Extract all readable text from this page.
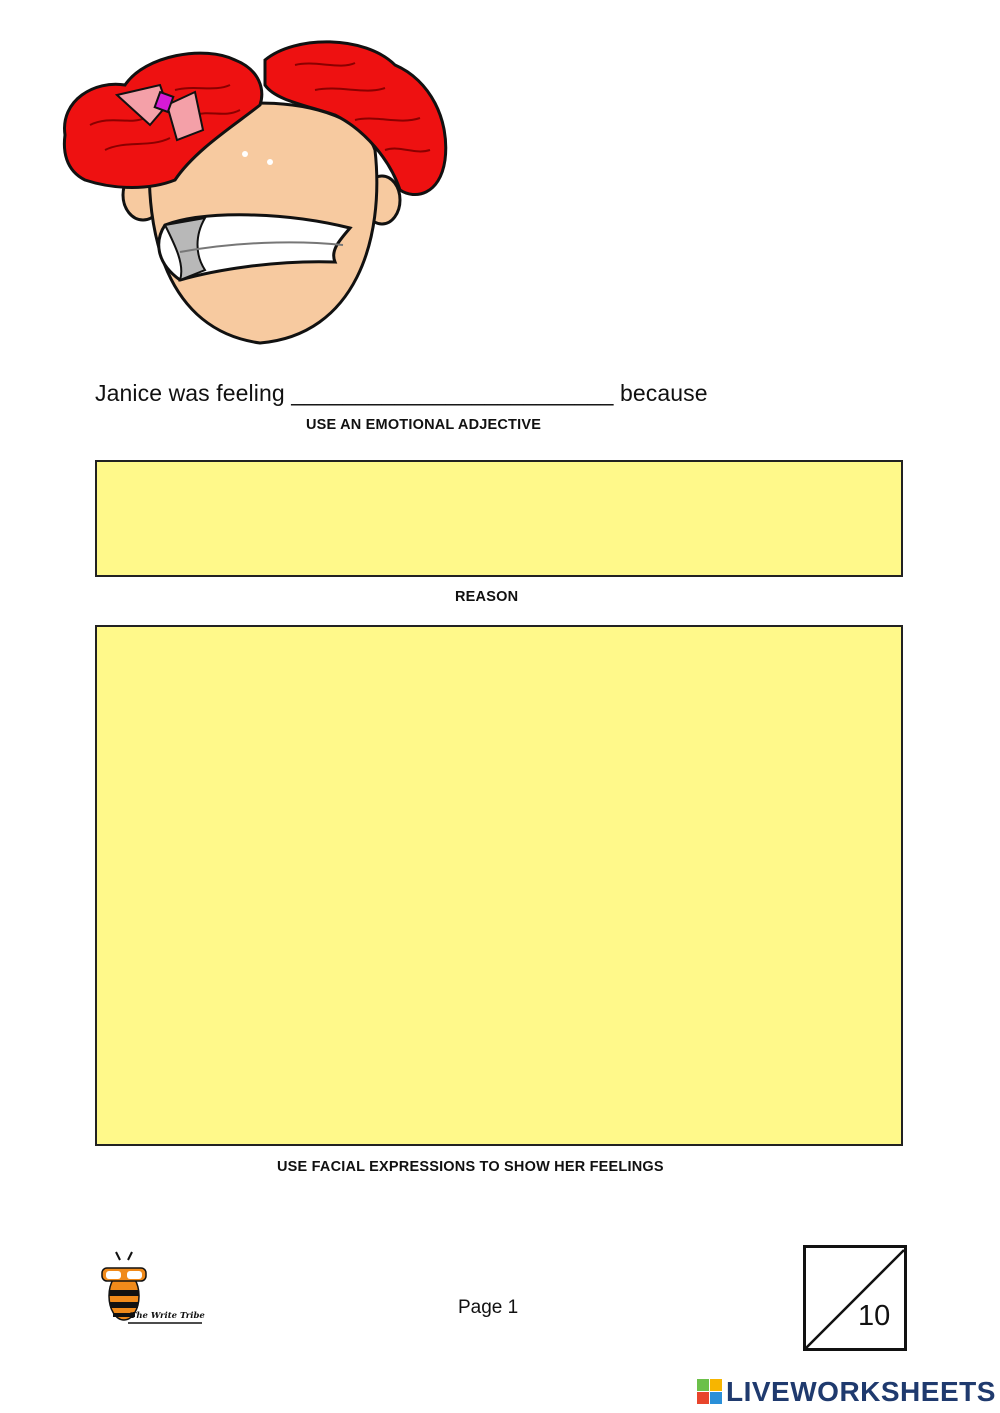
Janice was feeling _________________________ because
USE AN EMOTIONAL ADJECTIVE
REASON
USE FACIAL EXPRESSIONS TO SHOW HER FEELINGS
The Write Tribe	Page 1	10
LIVEWORKSHEETS
